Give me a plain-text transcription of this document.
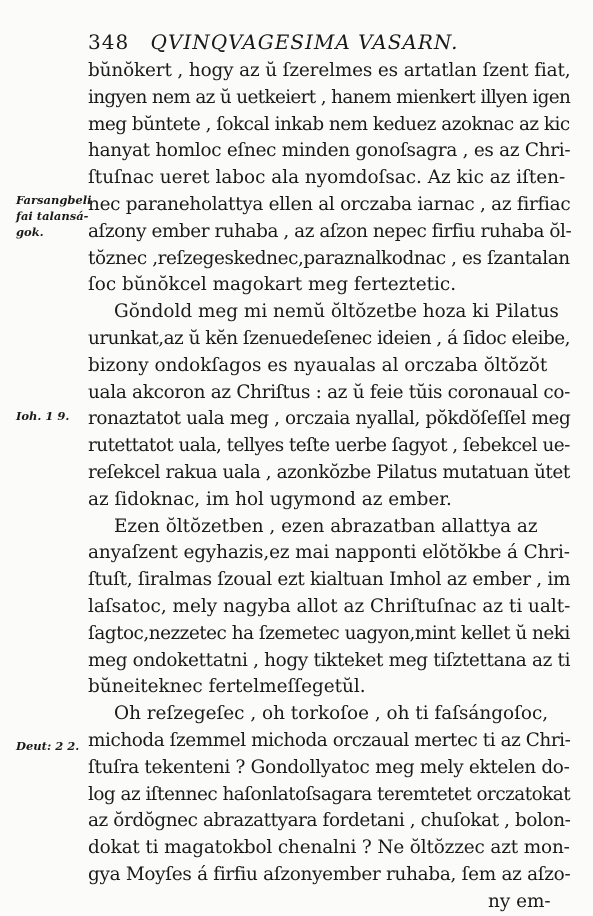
348 QVINQVAGESIMA VASARN.
Farsangbeli fai talansá-gok.
Ioh. 1 9.
Deut: 2 2.
bŭnŏkert , hogy az ŭ ſzerelmes es artatlan ſzent fiat,
ingyen nem az ŭ uetkeiert , hanem mienkert illyen igen
meg bŭntete , ſokcal inkab nem keduez azoknac az kic
hanyat homloc eſnec minden gonoſsagra , es az Chri-
ſtuſnac ueret laboc ala nyomdoſsac. Az kic az iſten-
nec paraneholattya ellen al orczaba iarnac , az firfiac
aſzony ember ruhaba , az aſzon nepec firfiu ruhaba ŏl-
tŏznec ,reſzegeskednec,paraznalkodnac , es ſzantalan
ſoc bŭnŏkcel magokart meg ferteztetic.
Gŏndold meg mi nemŭ ŏltŏzetbe hoza ki Pilatus
urunkat,az ŭ kĕn ſzenuedeſenec ideien , á ſidoc eleibe,
bizony ondokſagos es nyaualas al orczaba ŏltŏzŏt
uala akcoron az Chriſtus : az ŭ feie tŭis coronaual co-
ronaztatot uala meg , orczaia nyallal, pŏkdŏſeſſel meg
rutettatot uala, tellyes teſte uerbe ſagyot , ſebekcel ue-
reſekcel rakua uala , azonkŏzbe Pilatus mutatuan ŭtet
az ſidoknac, im hol ugymond az ember.
Ezen ŏltŏzetben , ezen abrazatban allattya az
anyaſzent egyhazis,ez mai napponti elŏtŏkbe á Chri-
ſtuſt, ſiralmas ſzoual ezt kialtuan Imhol az ember , im
laſsatoc, mely nagyba allot az Chriſtuſnac az ti ualt-
ſagtoc,nezzetec ha ſzemetec uagyon,mint kellet ŭ neki
meg ondokettatni , hogy tikteket meg tiſztettana az ti
bŭneiteknec fertelmeſſegetŭl.
Oh reſzegeſec , oh torkoſoe , oh ti faſsángoſoc,
michoda ſzemmel michoda orczaual mertec ti az Chri-
ſtuſra tekenteni ? Gondollyatoc meg mely ektelen do-
log az iſtennec haſonlatoſsagara teremtetet orczatokat
az ŏrdŏgnec abrazattyara fordetani , chuſokat , bolon-
dokat ti magatokbol chenalni ? Ne ŏltŏzzec azt mon-
gya Moyſes á firfiu aſzonyember ruhaba, ſem az aſzo-
ny em-
